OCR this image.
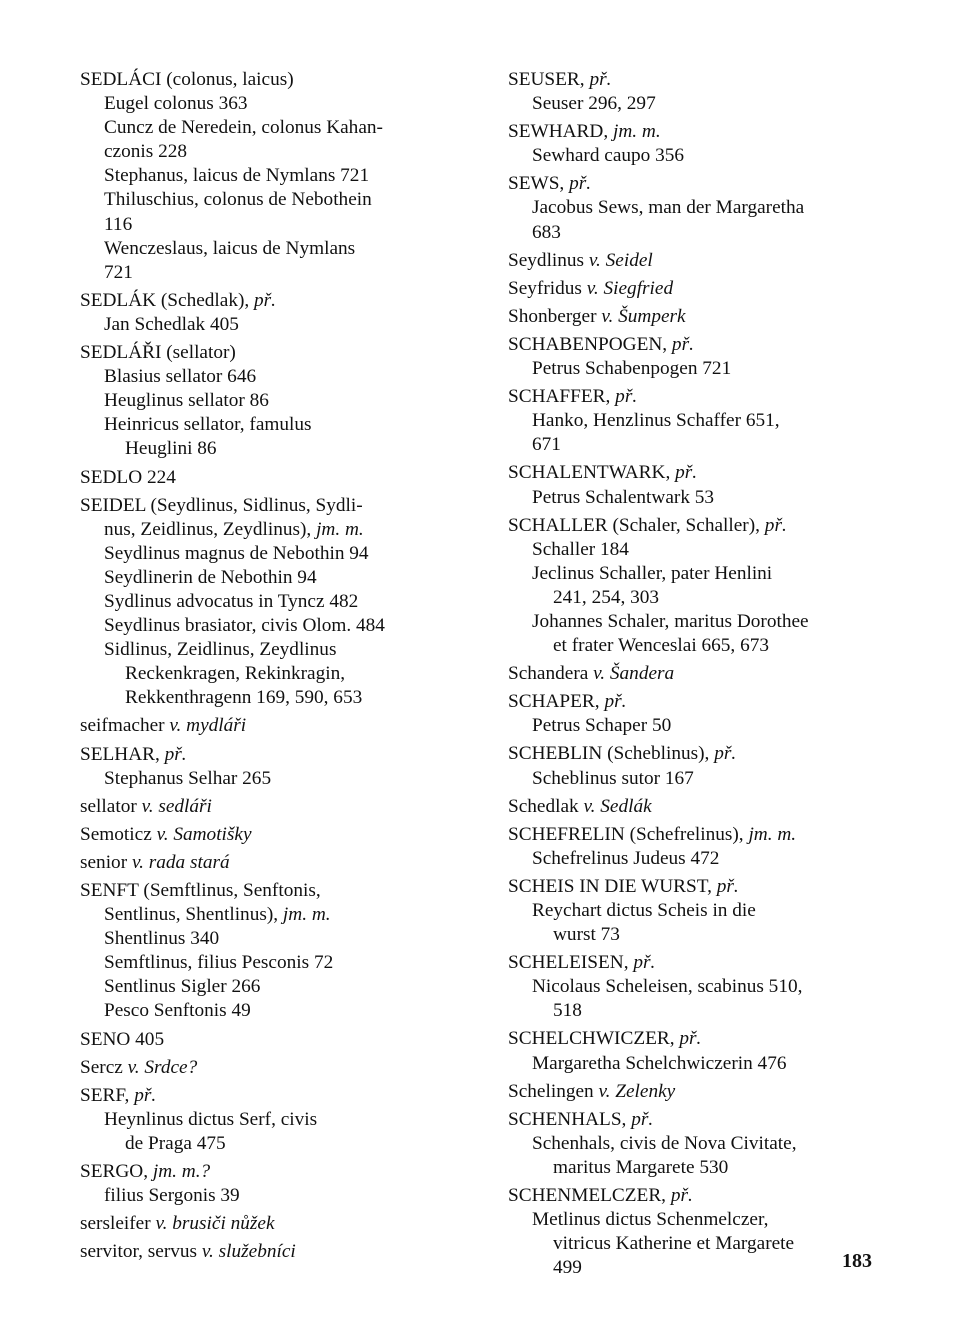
SEDLÁCI (colonus, laicus)
Eugel colonus 363
Cuncz de Neredein, colonus Kahan-
czonis 228
Stephanus, laicus de Nymlans 721
Thiluschius, colonus de Nebothein
116
Wenczeslaus, laicus de Nymlans
721
SEDLÁK (Schedlak), př.
Jan Schedlak 405
SEDLÁŘI (sellator)
Blasius sellator 646
Heuglinus sellator 86
Heinricus sellator, famulus
Heuglini 86
SEDLO 224
SEIDEL (Seydlinus, Sidlinus, Sydli-
nus, Zeidlinus, Zeydlinus), jm. m.
Seydlinus magnus de Nebothin 94
Seydlinerin de Nebothin 94
Sydlinus advocatus in Tyncz 482
Seydlinus brasiator, civis Olom. 484
Sidlinus, Zeidlinus, Zeydlinus
Reckenkragen, Rekinkragin,
Rekkenthragenn 169, 590, 653
seifmacher v. mydláři
SELHAR, př.
Stephanus Selhar 265
sellator v. sedláři
Semoticz v. Samotišky
senior v. rada stará
SENFT (Semftlinus, Senftonis,
Sentlinus, Shentlinus), jm. m.
Shentlinus 340
Semftlinus, filius Pesconis 72
Sentlinus Sigler 266
Pesco Senftonis 49
SENO 405
Sercz v. Srdce?
SERF, př.
Heynlinus dictus Serf, civis
de Praga 475
SERGO, jm. m.?
filius Sergonis 39
sersleifer v. brusiči nůžek
servitor, servus v. služebníci
SEUSER, př.
Seuser 296, 297
SEWHARD, jm. m.
Sewhard caupo 356
SEWS, př.
Jacobus Sews, man der Margaretha
683
Seydlinus v. Seidel
Seyfridus v. Siegfried
Shonberger v. Šumperk
SCHABENPOGEN, př.
Petrus Schabenpogen 721
SCHAFFER, př.
Hanko, Henzlinus Schaffer 651,
671
SCHALENTWARK, př.
Petrus Schalentwark 53
SCHALLER (Schaler, Schaller), př.
Schaller 184
Jeclinus Schaller, pater Henlini
241, 254, 303
Johannes Schaler, maritus Dorothee
et frater Wenceslai 665, 673
Schandera v. Šandera
SCHAPER, př.
Petrus Schaper 50
SCHEBLIN (Scheblinus), př.
Scheblinus sutor 167
Schedlak v. Sedlák
SCHEFRELIN (Schefrelinus), jm. m.
Schefrelinus Judeus 472
SCHEIS IN DIE WURST, př.
Reychart dictus Scheis in die
wurst 73
SCHELEISEN, př.
Nicolaus Scheleisen, scabinus 510,
518
SCHELCHWICZER, př.
Margaretha Schelchwiczerin 476
Schelingen v. Zelenky
SCHENHALS, př.
Schenhals, civis de Nova Civitate,
maritus Margarete 530
SCHENMELCZER, př.
Metlinus dictus Schenmelczer,
vitricus Katherine et Margarete
499	183
